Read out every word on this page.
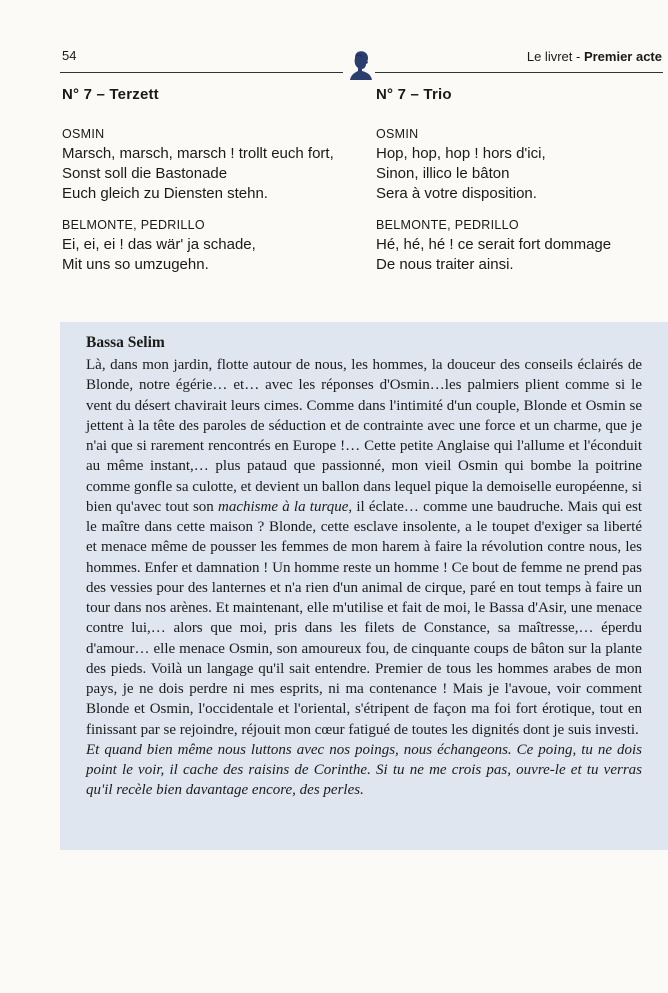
54	Le livret - Premier acte
N° 7 – Terzett
OSMIN
Marsch, marsch, marsch ! trollt euch fort,
Sonst soll die Bastonade
Euch gleich zu Diensten stehn.
BELMONTE, PEDRILLO
Ei, ei, ei ! das wär' ja schade,
Mit uns so umzugehn.
N° 7 – Trio
OSMIN
Hop, hop, hop ! hors d'ici,
Sinon, illico le bâton
Sera à votre disposition.
BELMONTE, PEDRILLO
Hé, hé, hé ! ce serait fort dommage
De nous traiter ainsi.
Bassa Selim

Là, dans mon jardin, flotte autour de nous, les hommes, la douceur des conseils éclairés de Blonde, notre égérie… et… avec les réponses d'Osmin…les palmiers plient comme si le vent du désert chavirait leurs cimes. Comme dans l'intimité d'un couple, Blonde et Osmin se jettent à la tête des paroles de séduction et de contrainte avec une force et un charme, que je n'ai que si rarement rencontrés en Europe !… Cette petite Anglaise qui l'allume et l'éconduit au même instant,… plus pataud que passionné, mon vieil Osmin qui bombe la poitrine comme gonfle sa culotte, et devient un ballon dans lequel pique la demoiselle européenne, si bien qu'avec tout son machisme à la turque, il éclate… comme une baudruche. Mais qui est le maître dans cette maison ? Blonde, cette esclave insolente, a le toupet d'exiger sa liberté et menace même de pousser les femmes de mon harem à faire la révolution contre nous, les hommes. Enfer et damnation ! Un homme reste un homme ! Ce bout de femme ne prend pas des vessies pour des lanternes et n'a rien d'un animal de cirque, paré en tout temps à faire un tour dans nos arènes. Et maintenant, elle m'utilise et fait de moi, le Bassa d'Asir, une menace contre lui,… alors que moi, pris dans les filets de Constance, sa maîtresse,… éperdu d'amour… elle menace Osmin, son amoureux fou, de cinquante coups de bâton sur la plante des pieds. Voilà un langage qu'il sait entendre. Premier de tous les hommes arabes de mon pays, je ne dois perdre ni mes esprits, ni ma contenance ! Mais je l'avoue, voir comment Blonde et Osmin, l'occidentale et l'oriental, s'étripent de façon ma foi fort érotique, tout en finissant par se rejoindre, réjouit mon cœur fatigué de toutes les dignités dont je suis investi.

Et quand bien même nous luttons avec nos poings, nous échangeons. Ce poing, tu ne dois point le voir, il cache des raisins de Corinthe. Si tu ne me crois pas, ouvre-le et tu verras qu'il recèle bien davantage encore, des perles.
